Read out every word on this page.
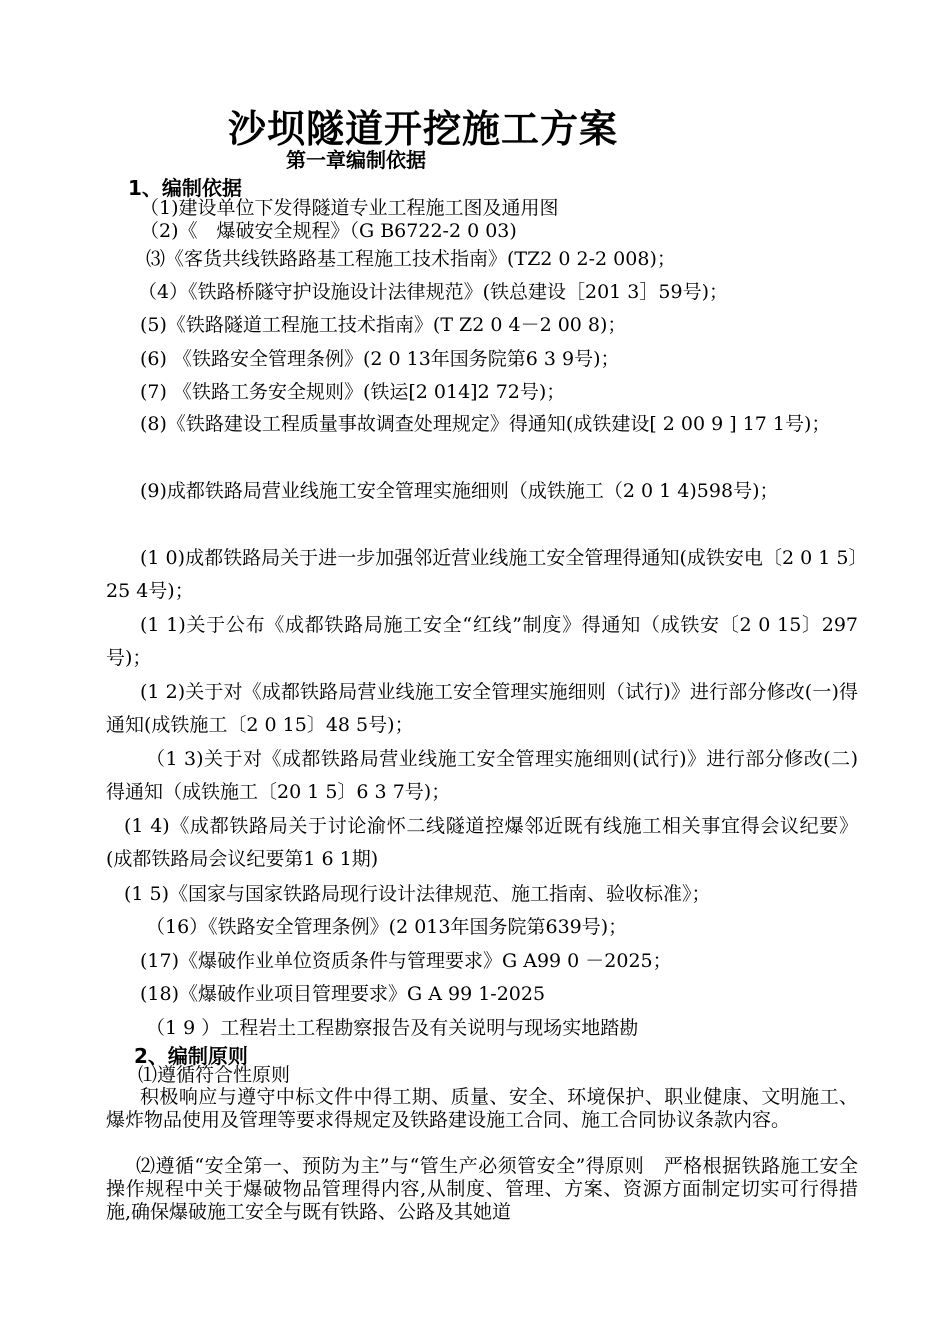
沙坝隧道开挖施工方案
第一章编制依据
1、编制依据
（1)建设单位下发得隧道专业工程施工图及通用图
（2)《　爆破安全规程》（G B6722-2 0 03)
⑶《客货共线铁路路基工程施工技术指南》(TZ2 0 2-2 008)；
（4）《铁路桥隧守护设施设计法律规范》(铁总建设［201 3］59号)；
(5)《铁路隧道工程施工技术指南》(T Z2 0 4－2 00 8)；
(6) 《铁路安全管理条例》(2 0 13年国务院第6 3 9号)；
(7) 《铁路工务安全规则》(铁运[2 014]2 72号)；
(8)《铁路建设工程质量事故调查处理规定》得通知(成铁建设[ 2 00 9 ] 17 1号)；
(9)成都铁路局营业线施工安全管理实施细则（成铁施工（2 0 1 4)598号)；
(1 0)成都铁路局关于进一步加强邻近营业线施工安全管理得通知(成铁安电〔2 0 1 5〕25 4号)；
(1 1)关于公布《成都铁路局施工安全“红线”制度》得通知（成铁安〔2 0 15〕297号)；
(1 2)关于对《成都铁路局营业线施工安全管理实施细则（试行)》进行部分修改(一)得通知(成铁施工〔2 0 15〕48 5号)；
（1 3)关于对《成都铁路局营业线施工安全管理实施细则(试行)》进行部分修改(二)得通知（成铁施工〔20 1 5〕6 3 7号)；
(1 4)《成都铁路局关于讨论渝怀二线隧道控爆邻近既有线施工相关事宜得会议纪要》(成都铁路局会议纪要第1 6 1期)
(1 5)《国家与国家铁路局现行设计法律规范、施工指南、验收标准》；
（16）《铁路安全管理条例》(2 013年国务院第639号)；
(17)《爆破作业单位资质条件与管理要求》G A99 0 －2025；
(18)《爆破作业项目管理要求》G A 99 1-2025
（1 9 ）工程岩土工程勘察报告及有关说明与现场实地踏勘
2、编制原则
⑴遵循符合性原则
积极响应与遵守中标文件中得工期、质量、安全、环境保护、职业健康、文明施工、爆炸物品使用及管理等要求得规定及铁路建设施工合同、施工合同协议条款内容。
⑵遵循“安全第一、预防为主”与“管生产必须管安全”得原则　严格根据铁路施工安全操作规程中关于爆破物品管理得内容,从制度、管理、方案、资源方面制定切实可行得措施,确保爆破施工安全与既有铁路、公路及其她道
